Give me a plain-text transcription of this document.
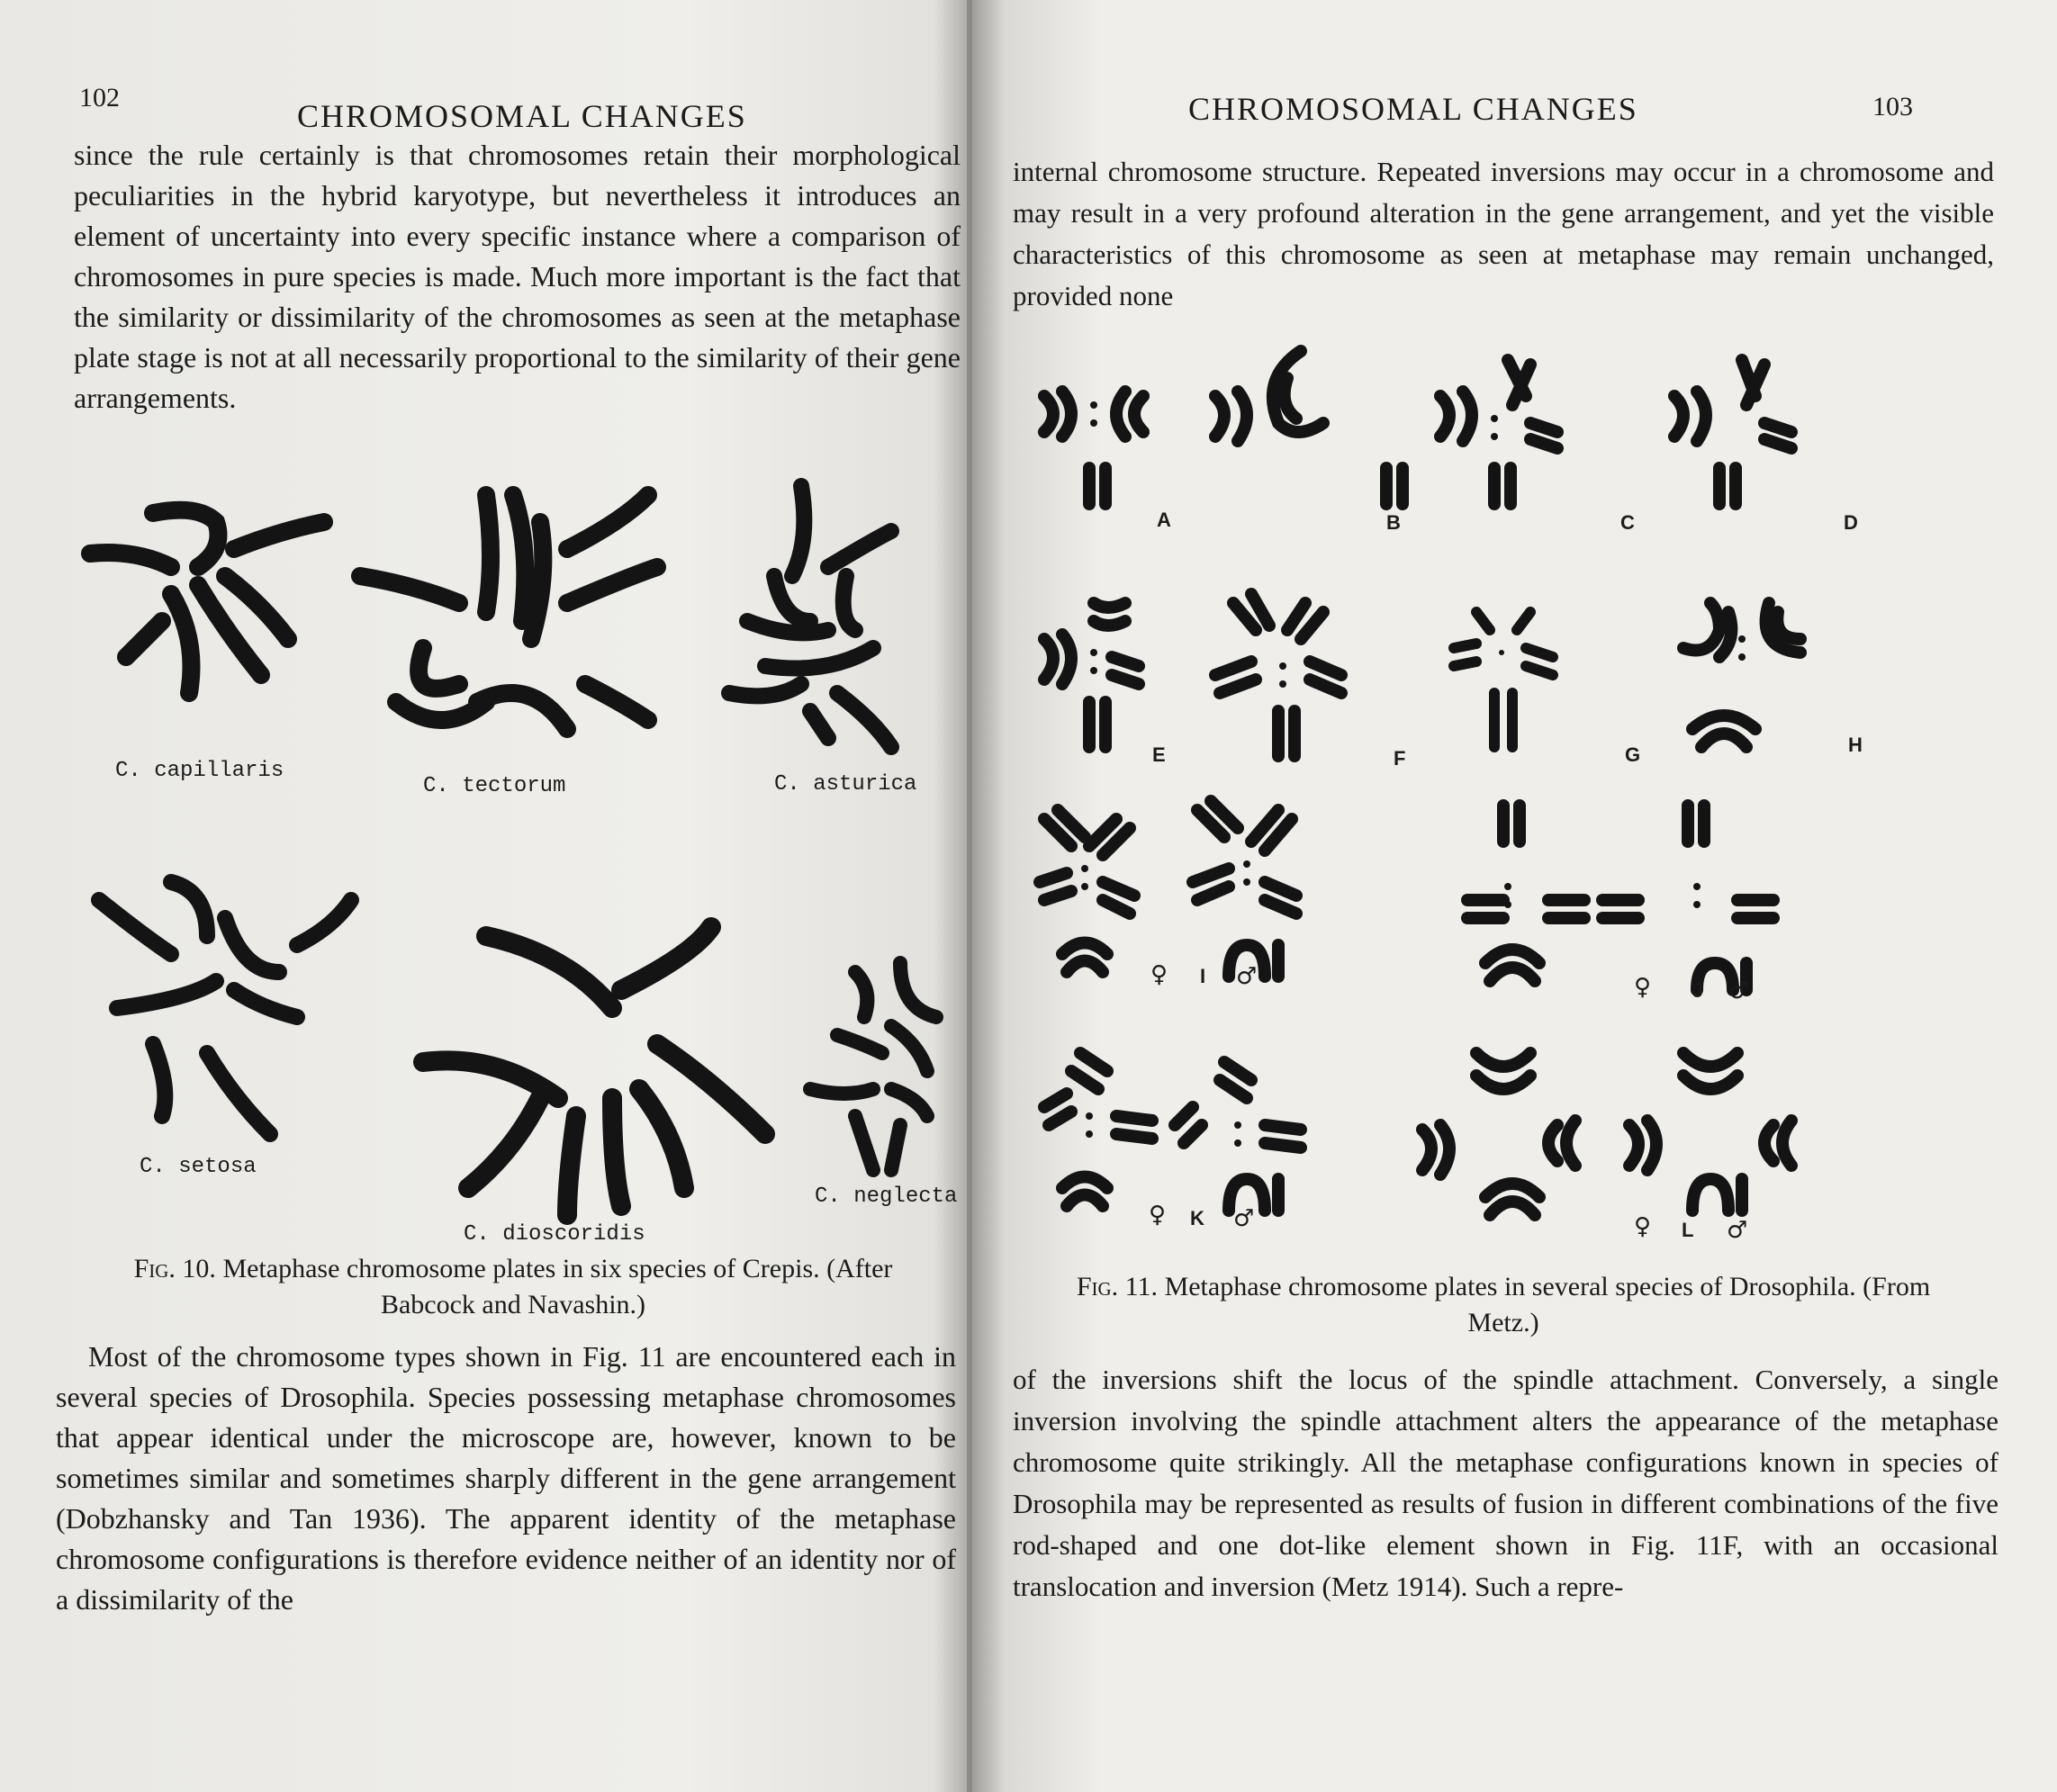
102
CHROMOSOMAL CHANGES

since the rule certainly is that chromosomes retain their morphological peculiarities in the hybrid karyotype, but nevertheless it introduces an element of uncertainty into every specific instance where a comparison of chromosomes in pure species is made. Much more important is the fact that the similarity or dissimilarity of the chromosomes as seen at the metaphase plate stage is not at all necessarily proportional to the similarity of their gene arrangements.

C. capillaris
C. tectorum	C. asturica
C. setosa
C. dioscoridis
C. neglecta
Fig. 10. Metaphase chromosome plates in six species of Crepis. (After Babcock and Navashin.)

Most of the chromosome types shown in Fig. 11 are encountered each in several species of Drosophila. Species possessing metaphase chromosomes that appear identical under the microscope are, however, known to be sometimes similar and sometimes sharply different in the gene arrangement (Dobzhansky and Tan 1936). The apparent identity of the metaphase chromosome configurations is therefore evidence neither of an identity nor of a dissimilarity of the

CHROMOSOMAL CHANGES	103

internal chromosome structure. Repeated inversions may occur in a chromosome and may result in a very profound alteration in the gene arrangement, and yet the visible characteristics of this chromosome as seen at metaphase may remain unchanged, provided none

A	B	C	D
E	F	G	H
♀ I ♂	♀ J ♂
♀ K ♂	♀ L ♂
Fig. 11. Metaphase chromosome plates in several species of Drosophila. (From Metz.)

of the inversions shift the locus of the spindle attachment. Conversely, a single inversion involving the spindle attachment alters the appearance of the metaphase chromosome quite strikingly. All the metaphase configurations known in species of Drosophila may be represented as results of fusion in different combinations of the five rod-shaped and one dot-like element shown in Fig. 11F, with an occasional translocation and inversion (Metz 1914). Such a repre-
